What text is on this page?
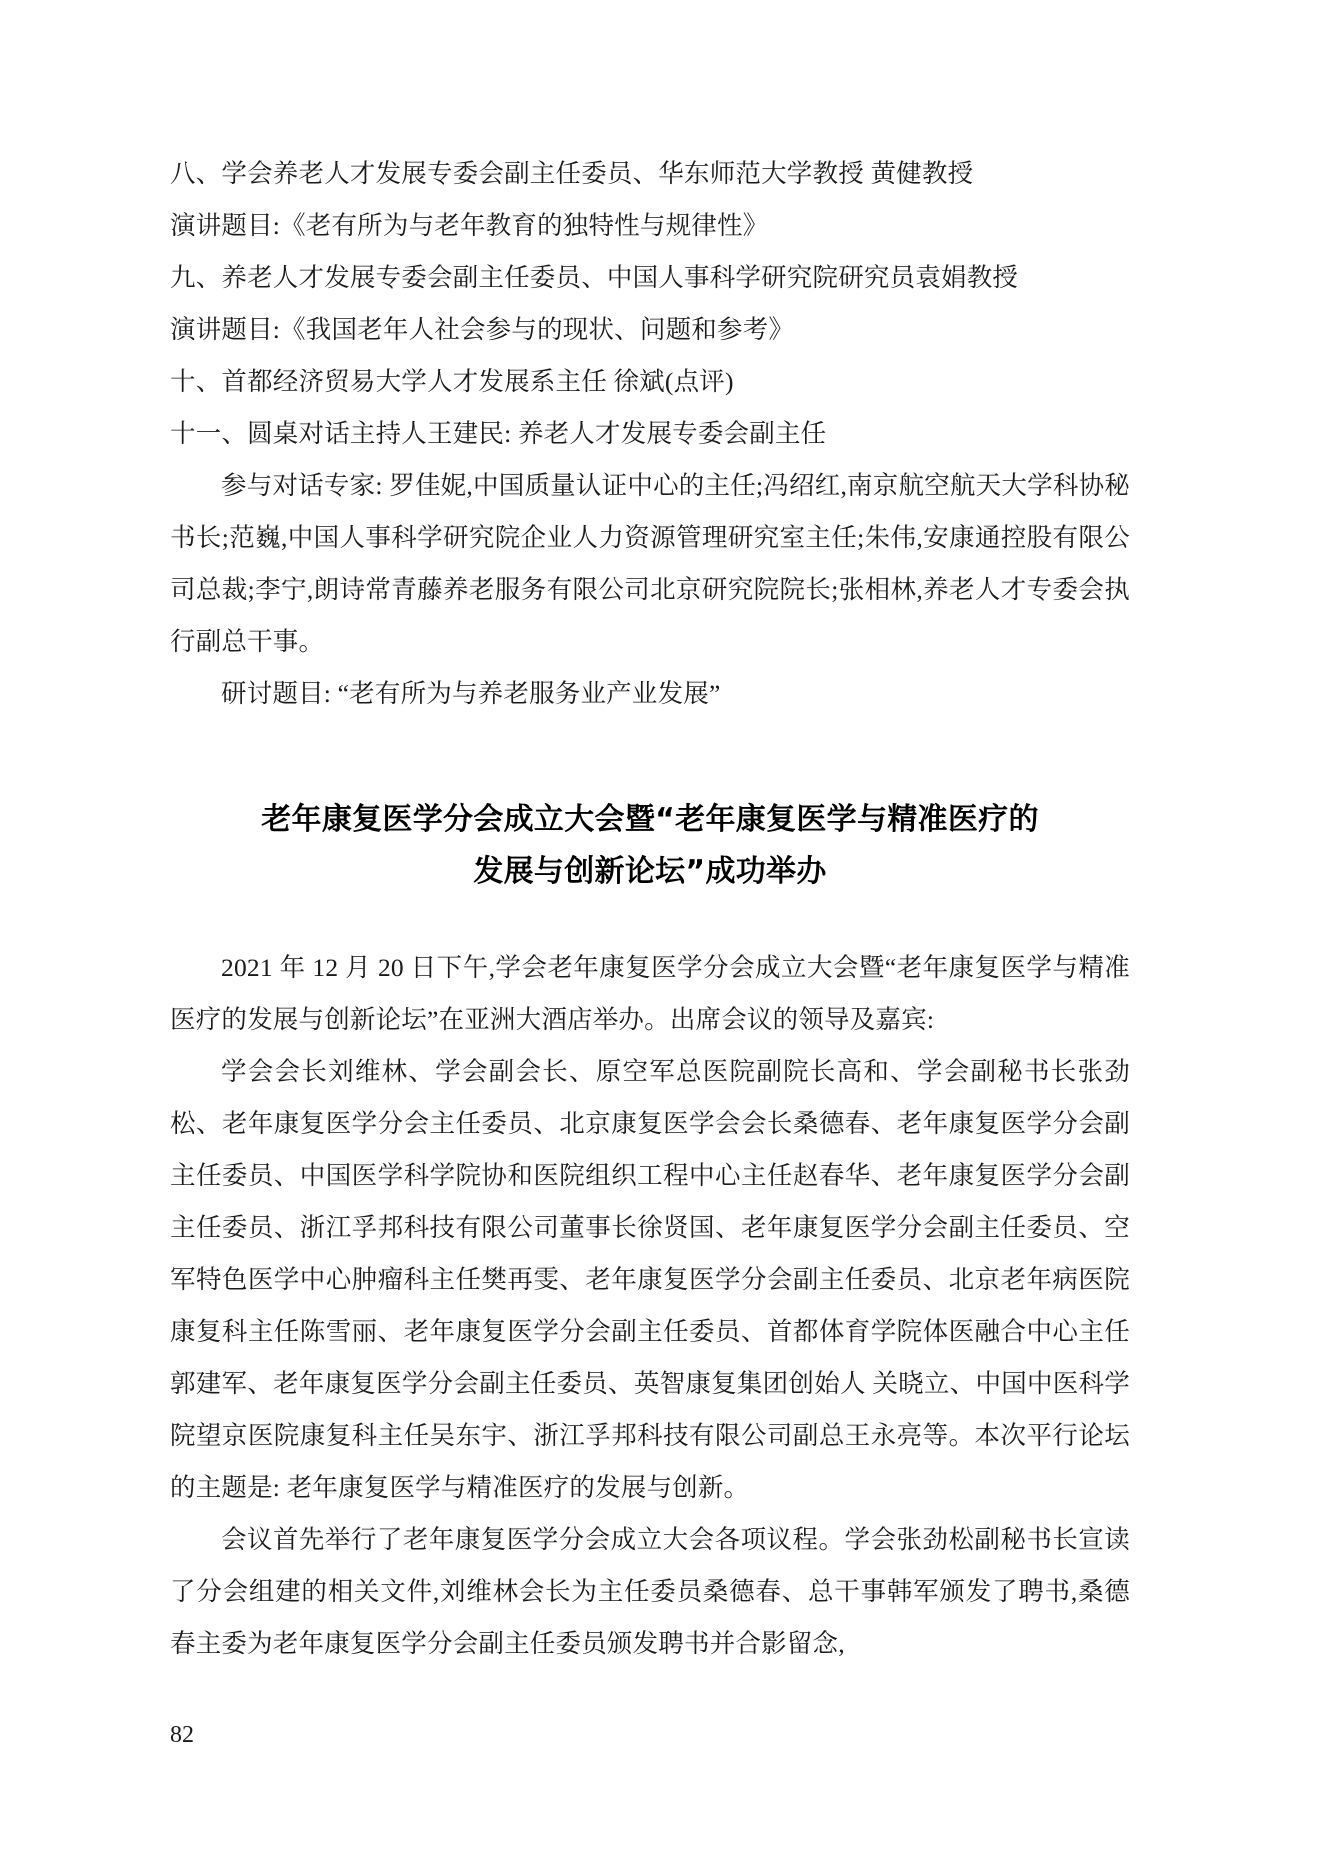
八、学会养老人才发展专委会副主任委员、华东师范大学教授 黄健教授

演讲题目:《老有所为与老年教育的独特性与规律性》

九、养老人才发展专委会副主任委员、中国人事科学研究院研究员袁娟教授

演讲题目:《我国老年人社会参与的现状、问题和参考》

十、首都经济贸易大学人才发展系主任 徐斌(点评)

十一、圆桌对话主持人王建民: 养老人才发展专委会副主任

参与对话专家: 罗佳妮,中国质量认证中心的主任;冯绍红,南京航空航天大学科协秘书长;范巍,中国人事科学研究院企业人力资源管理研究室主任;朱伟,安康通控股有限公司总裁;李宁,朗诗常青藤养老服务有限公司北京研究院院长;张相林,养老人才专委会执行副总干事。

研讨题目: “老有所为与养老服务业产业发展”

老年康复医学分会成立大会暨“老年康复医学与精准医疗的
发展与创新论坛”成功举办

2021 年 12 月 20 日下午,学会老年康复医学分会成立大会暨“老年康复医学与精准医疗的发展与创新论坛”在亚洲大酒店举办。出席会议的领导及嘉宾:

学会会长刘维林、学会副会长、原空军总医院副院长高和、学会副秘书长张劲松、老年康复医学分会主任委员、北京康复医学会会长桑德春、老年康复医学分会副主任委员、中国医学科学院协和医院组织工程中心主任赵春华、老年康复医学分会副主任委员、浙江孚邦科技有限公司董事长徐贤国、老年康复医学分会副主任委员、空军特色医学中心肿瘤科主任樊再雯、老年康复医学分会副主任委员、北京老年病医院康复科主任陈雪丽、老年康复医学分会副主任委员、首都体育学院体医融合中心主任郭建军、老年康复医学分会副主任委员、英智康复集团创始人 关晓立、中国中医科学院望京医院康复科主任吴东宇、浙江孚邦科技有限公司副总王永亮等。本次平行论坛的主题是: 老年康复医学与精准医疗的发展与创新。

会议首先举行了老年康复医学分会成立大会各项议程。学会张劲松副秘书长宣读了分会组建的相关文件,刘维林会长为主任委员桑德春、总干事韩军颁发了聘书,桑德春主委为老年康复医学分会副主任委员颁发聘书并合影留念,

82
